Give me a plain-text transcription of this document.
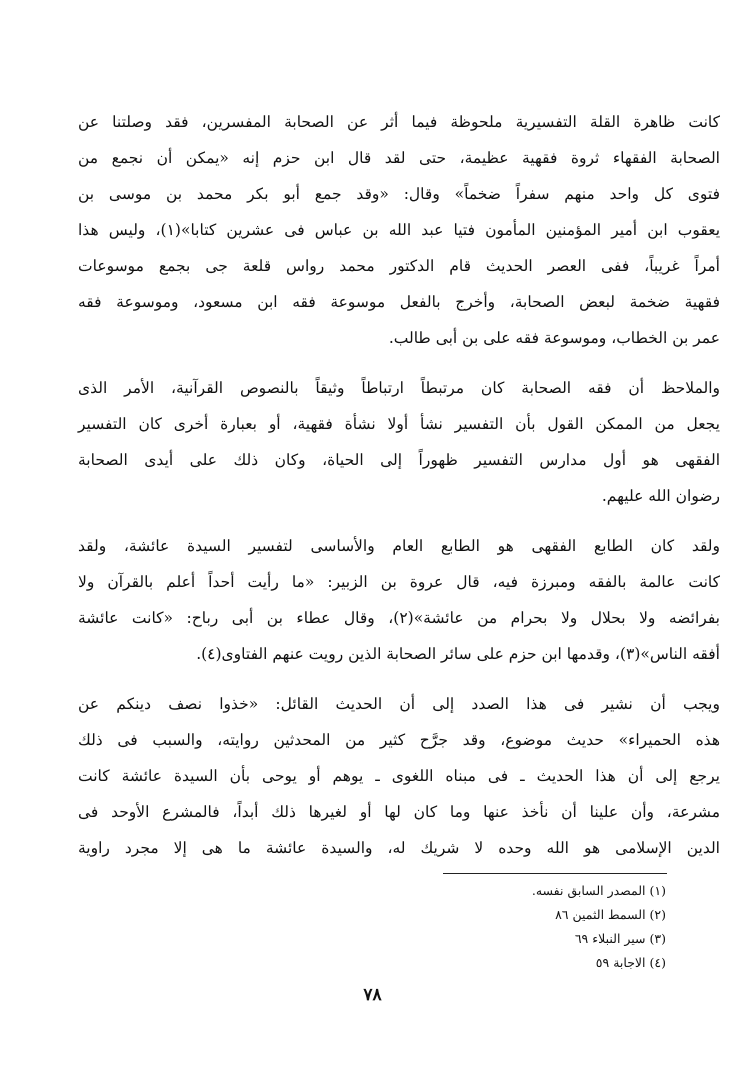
كانت ظاهرة القلة التفسيرية ملحوظة فيما أثر عن الصحابة المفسرين، فقد وصلتنا عن
الصحابة الفقهاء ثروة فقهية عظيمة، حتى لقد قال ابن حزم إنه «يمكن أن نجمع من
فتوى كل واحد منهم سفراً ضخماً» وقال: «وقد جمع أبو بكر محمد بن موسى بن
يعقوب ابن أمير المؤمنين المأمون فتيا عبد الله بن عباس فى عشرين كتابا»(١)، وليس هذا
أمراً غريباً، ففى العصر الحديث قام الدكتور محمد رواس قلعة جى بجمع موسوعات
فقهية ضخمة لبعض الصحابة، وأخرج بالفعل موسوعة فقه ابن مسعود، وموسوعة فقه
عمر بن الخطاب، وموسوعة فقه على بن أبى طالب.

والملاحظ أن فقه الصحابة كان مرتبطاً ارتباطاً وثيقاً بالنصوص القرآنية، الأمر الذى
يجعل من الممكن القول بأن التفسير نشأ أولا نشأة فقهية، أو بعبارة أخرى كان التفسير
الفقهى هو أول مدارس التفسير ظهوراً إلى الحياة، وكان ذلك على أيدى الصحابة
رضوان الله عليهم.

ولقد كان الطابع الفقهى هو الطابع العام والأساسى لتفسير السيدة عائشة، ولقد
كانت عالمة بالفقه ومبرزة فيه، قال عروة بن الزبير: «ما رأيت أحداً أعلم بالقرآن ولا
بفرائضه ولا بحلال ولا بحرام من عائشة»(٢)، وقال عطاء بن أبى رباح: «كانت عائشة
أفقه الناس»(٣)، وقدمها ابن حزم على سائر الصحابة الذين رويت عنهم الفتاوى(٤).

ويجب أن نشير فى هذا الصدد إلى أن الحديث القائل: «خذوا نصف دينكم عن
هذه الحميراء» حديث موضوع، وقد جرَّح كثير من المحدثين روايته، والسبب فى ذلك
يرجع إلى أن هذا الحديث ـ فى مبناه اللغوى ـ يوهم أو يوحى بأن السيدة عائشة كانت
مشرعة، وأن علينا أن نأخذ عنها وما كان لها أو لغيرها ذلك أبداً، فالمشرع الأوحد فى
الدين الإسلامى هو الله وحده لا شريك له، والسيدة عائشة ما هى إلا مجرد راوية

(١) المصدر السابق نفسه.
(٢) السمط الثمين ٨٦
(٣) سير النبلاء ٦٩
(٤) الاجابة ٥٩
٧٨
